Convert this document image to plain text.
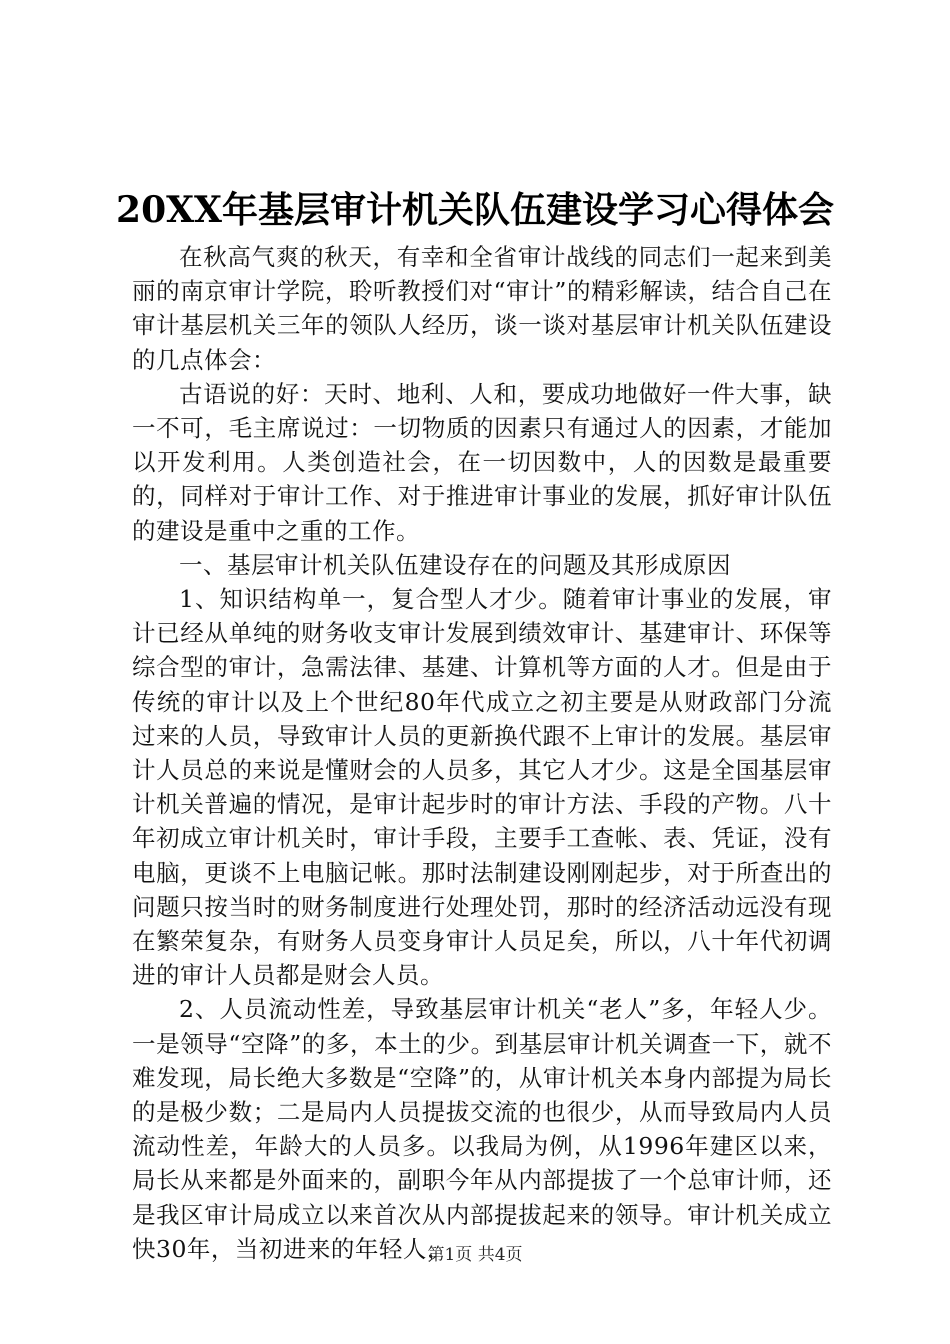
20XX年基层审计机关队伍建设学习心得体会

在秋高气爽的秋天，有幸和全省审计战线的同志们一起来到美丽的南京审计学院，聆听教授们对“审计”的精彩解读，结合自己在审计基层机关三年的领队人经历，谈一谈对基层审计机关队伍建设的几点体会：

古语说的好：天时、地利、人和，要成功地做好一件大事，缺一不可，毛主席说过：一切物质的因素只有通过人的因素，才能加以开发利用。人类创造社会，在一切因数中，人的因数是最重要的，同样对于审计工作、对于推进审计事业的发展，抓好审计队伍的建设是重中之重的工作。

一、基层审计机关队伍建设存在的问题及其形成原因

1、知识结构单一，复合型人才少。随着审计事业的发展，审计已经从单纯的财务收支审计发展到绩效审计、基建审计、环保等综合型的审计，急需法律、基建、计算机等方面的人才。但是由于传统的审计以及上个世纪80年代成立之初主要是从财政部门分流过来的人员，导致审计人员的更新换代跟不上审计的发展。基层审计人员总的来说是懂财会的人员多，其它人才少。这是全国基层审计机关普遍的情况，是审计起步时的审计方法、手段的产物。八十年初成立审计机关时，审计手段，主要手工查帐、表、凭证，没有电脑，更谈不上电脑记帐。那时法制建设刚刚起步，对于所查出的问题只按当时的财务制度进行处理处罚，那时的经济活动远没有现在繁荣复杂，有财务人员变身审计人员足矣，所以，八十年代初调进的审计人员都是财会人员。

2、人员流动性差，导致基层审计机关“老人”多，年轻人少。一是领导“空降”的多，本土的少。到基层审计机关调查一下，就不难发现，局长绝大多数是“空降”的，从审计机关本身内部提为局长的是极少数；二是局内人员提拔交流的也很少，从而导致局内人员流动性差，年龄大的人员多。以我局为例，从1996年建区以来，局长从来都是外面来的，副职今年从内部提拔了一个总审计师，还是我区审计局成立以来首次从内部提拔起来的领导。审计机关成立快30年，当初进来的年轻人，

第1页 共4页
